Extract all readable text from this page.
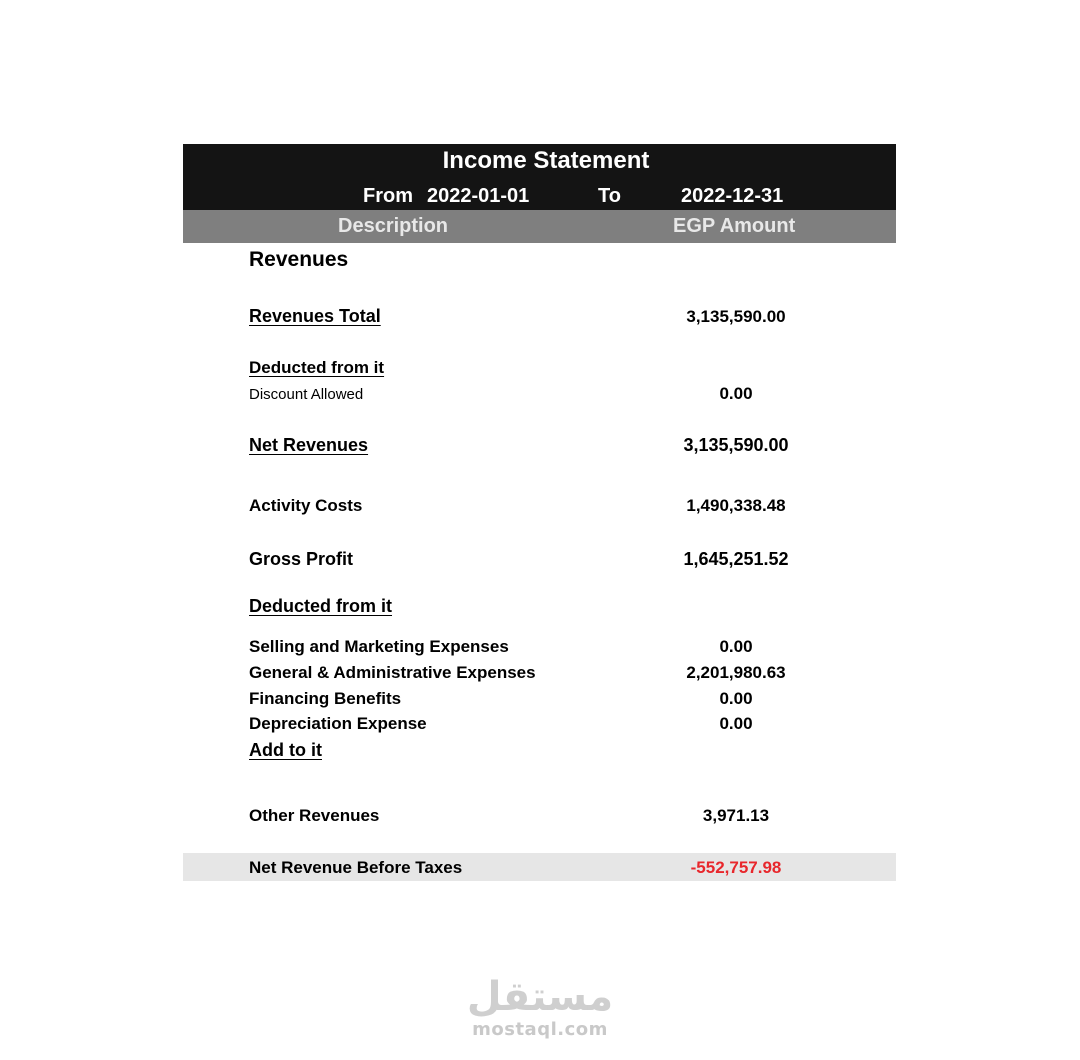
Income Statement
From 2022-01-01	To	2022-12-31
Description	EGP Amount
Revenues
Revenues Total	3,135,590.00
Deducted from it
Discount Allowed	0.00
Net Revenues	3,135,590.00
Activity Costs	1,490,338.48
Gross Profit	1,645,251.52
Deducted from it
Selling and Marketing Expenses	0.00
General & Administrative Expenses	2,201,980.63
Financing Benefits	0.00
Depreciation Expense	0.00
Add to it
Other Revenues	3,971.13
Net Revenue Before Taxes	-552,757.98
مستقل
mostaql.com
